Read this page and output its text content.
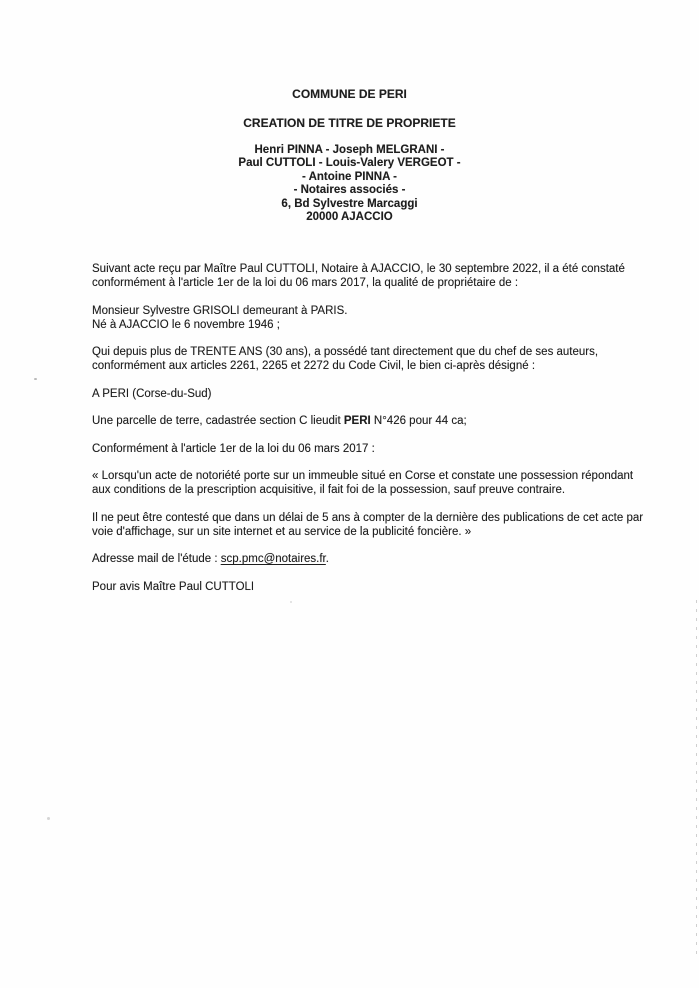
COMMUNE DE PERI
CREATION DE TITRE DE PROPRIETE
Henri PINNA - Joseph MELGRANI -
Paul CUTTOLI - Louis-Valery VERGEOT -
- Antoine PINNA -
- Notaires associés -
6, Bd Sylvestre Marcaggi
20000 AJACCIO

Suivant acte reçu par Maître Paul CUTTOLI, Notaire à AJACCIO, le 30 septembre 2022, il a été constaté conformément à l'article 1er de la loi du 06 mars 2017, la qualité de propriétaire de :

Monsieur Sylvestre GRISOLI demeurant à PARIS.
Né à AJACCIO le 6 novembre 1946 ;

Qui depuis plus de TRENTE ANS (30 ans), a possédé tant directement que du chef de ses auteurs, conformément aux articles 2261, 2265 et 2272 du Code Civil, le bien ci-après désigné :

A PERI (Corse-du-Sud)

Une parcelle de terre, cadastrée section C lieudit PERI N°426 pour 44 ca;

Conformément à l'article 1er de la loi du 06 mars 2017 :

« Lorsqu'un acte de notoriété porte sur un immeuble situé en Corse et constate une possession répondant aux conditions de la prescription acquisitive, il fait foi de la possession, sauf preuve contraire.

Il ne peut être contesté que dans un délai de 5 ans à compter de la dernière des publications de cet acte par voie d'affichage, sur un site internet et au service de la publicité foncière. »

Adresse mail de l'étude : scp.pmc@notaires.fr.

Pour avis Maître Paul CUTTOLI
